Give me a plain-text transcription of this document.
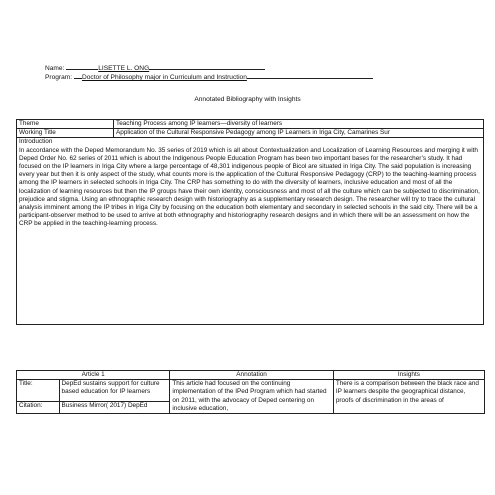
Name:	LISETTE L. ONG
Program: Doctor of Philosophy major in Curriculum and Instruction
Annotated Bibliography with Insights
Theme	Teaching Process among IP learners—diversity of learners
Working Title	Application of the Cultural Responsive Pedagogy among IP Learners in Iriga City, Camarines Sur

Introduction
In accordance with the Deped Memorandum No. 35 series of 2019 which is all about Contextualization and Localization of Learning Resources and merging it with Deped Order No. 62 series of 2011 which is about the Indigenous People Education Program has been two important bases for the researcher’s study. It had focused on the IP learners in Iriga City where a large percentage of 48,301 indigenous people of Bicol are situated in Iriga City. The said population is increasing every year but then it is only aspect of the study, what counts more is the application of the Cultural Responsive Pedagogy (CRP) to the teaching-learning process among the IP learners in selected schools in Iriga City. The CRP has something to do with the diversity of learners, inclusive education and most of all the localization of learning resources but then the IP groups have their own identity, consciousness and most of all the culture which can be subjected to discrimination, prejudice and stigma. Using an ethnographic research design with historiography as a supplementary research design. The researcher will try to trace the cultural analysis imminent among the IP tribes in Iriga City by focusing on the education both elementary and secondary in selected schools in the said city. There will be a participant-observer method to be used to arrive at both ethnography and historiography research designs and in which there will be an assessment on how the CRP be applied in the teaching-learning process.	
Article 1		Annotation	Insights
Title:	DepEd sustains support for culture based education for IP learners	This article had focused on the continuing implementation of the IPed Program which had started on 2011, with the advocacy of Deped centering on inclusive education,	There is a comparison between the black race and IP learners despite the geographical distance, proofs of discrimination in the areas of
Citation:	Business Mirror( 2017) DepEd		
